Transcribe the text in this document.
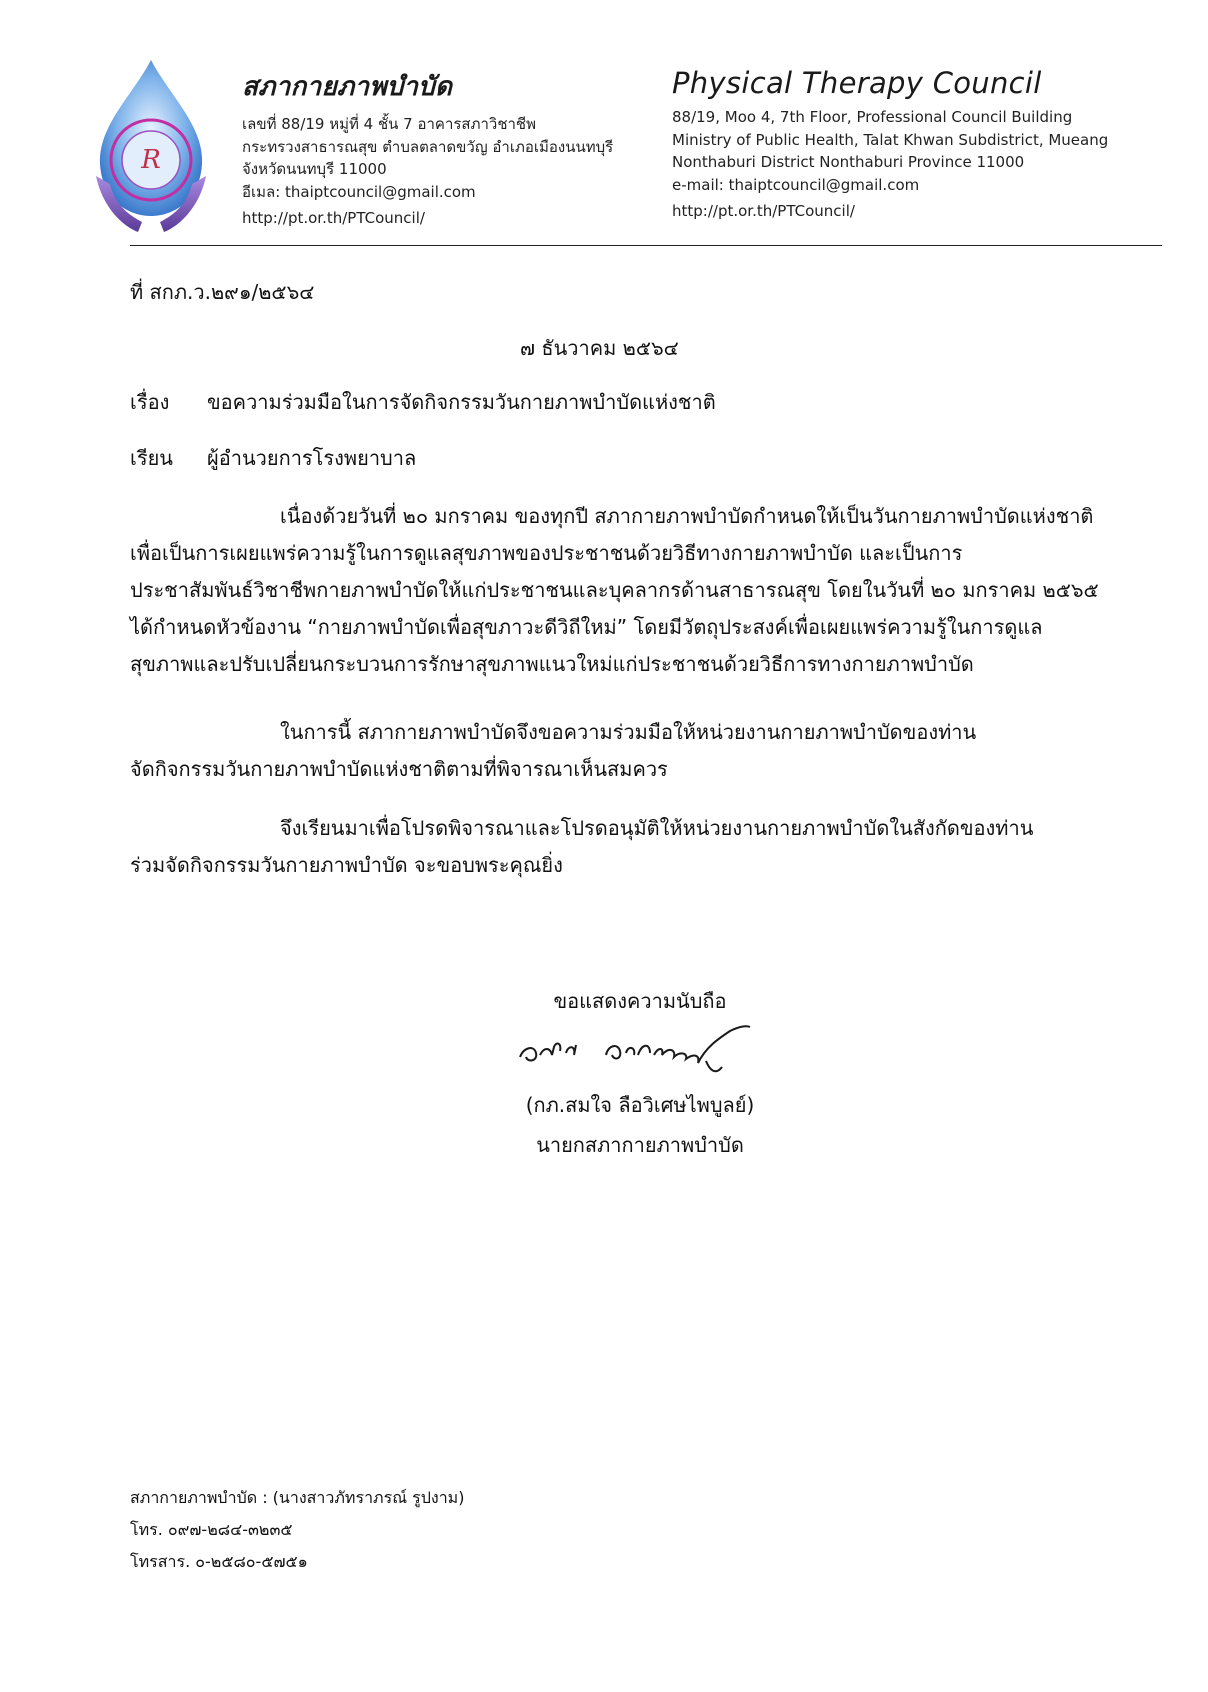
R
สภากายภาพบำบัด
เลขที่ 88/19 หมู่ที่ 4 ชั้น 7 อาคารสภาวิชาชีพ
กระทรวงสาธารณสุข ตำบลตลาดขวัญ อำเภอเมืองนนทบุรี
จังหวัดนนทบุรี 11000
อีเมล: thaiptcouncil@gmail.com
http://pt.or.th/PTCouncil/
Physical Therapy Council
88/19, Moo 4, 7th Floor, Professional Council Building
Ministry of Public Health, Talat Khwan Subdistrict, Mueang
Nonthaburi District Nonthaburi Province 11000
e-mail: thaiptcouncil@gmail.com
http://pt.or.th/PTCouncil/
ที่ สกภ.ว.๒๙๑/๒๕๖๔
๗ ธันวาคม ๒๕๖๔
เรื่อง ขอความร่วมมือในการจัดกิจกรรมวันกายภาพบำบัดแห่งชาติ
เรียน ผู้อำนวยการโรงพยาบาล
เนื่องด้วยวันที่ ๒๐ มกราคม ของทุกปี สภากายภาพบำบัดกำหนดให้เป็นวันกายภาพบำบัดแห่งชาติ
เพื่อเป็นการเผยแพร่ความรู้ในการดูแลสุขภาพของประชาชนด้วยวิธีทางกายภาพบำบัด และเป็นการ
ประชาสัมพันธ์วิชาชีพกายภาพบำบัดให้แก่ประชาชนและบุคลากรด้านสาธารณสุข โดยในวันที่ ๒๐ มกราคม ๒๕๖๕
ได้กำหนดหัวข้องาน “กายภาพบำบัดเพื่อสุขภาวะดีวิถีใหม่” โดยมีวัตถุประสงค์เพื่อเผยแพร่ความรู้ในการดูแล
สุขภาพและปรับเปลี่ยนกระบวนการรักษาสุขภาพแนวใหม่แก่ประชาชนด้วยวิธีการทางกายภาพบำบัด
ในการนี้ สภากายภาพบำบัดจึงขอความร่วมมือให้หน่วยงานกายภาพบำบัดของท่าน
จัดกิจกรรมวันกายภาพบำบัดแห่งชาติตามที่พิจารณาเห็นสมควร
จึงเรียนมาเพื่อโปรดพิจารณาและโปรดอนุมัติให้หน่วยงานกายภาพบำบัดในสังกัดของท่าน
ร่วมจัดกิจกรรมวันกายภาพบำบัด จะขอบพระคุณยิ่ง
ขอแสดงความนับถือ
(กภ.สมใจ ลือวิเศษไพบูลย์)
นายกสภากายภาพบำบัด
สภากายภาพบำบัด : (นางสาวภัทราภรณ์ รูปงาม)
โทร. ๐๙๗-๒๘๔-๓๒๓๕
โทรสาร. ๐-๒๕๘๐-๕๗๕๑
